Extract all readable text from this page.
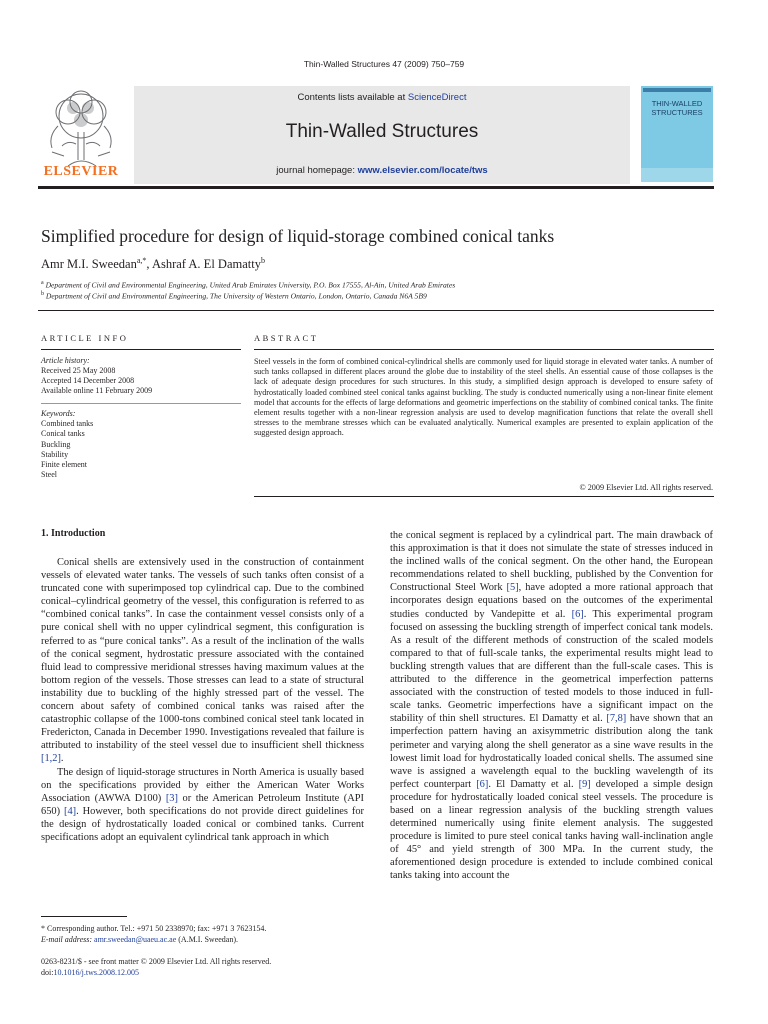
Thin-Walled Structures 47 (2009) 750–759
ELSEVIER
Contents lists available at ScienceDirect
Thin-Walled Structures
journal homepage: www.elsevier.com/locate/tws
THIN-WALLED STRUCTURES
Simplified procedure for design of liquid-storage combined conical tanks
Amr M.I. Sweedan$^{a,*}$, Ashraf A. El Damatty$^b$
$^a$ Department of Civil and Environmental Engineering, United Arab Emirates University, P.O. Box 17555, Al-Ain, United Arab Emirates
$^b$ Department of Civil and Environmental Engineering, The University of Western Ontario, London, Ontario, Canada N6A 5B9
ARTICLE INFO
Article history:
Received 25 May 2008
Accepted 14 December 2008
Available online 11 February 2009
Keywords:
Combined tanks
Conical tanks
Buckling
Stability
Finite element
Steel
ABSTRACT
Steel vessels in the form of combined conical-cylindrical shells are commonly used for liquid storage in elevated water tanks. A number of such tanks collapsed in different places around the globe due to instability of the steel shells. An essential cause of those collapses is the lack of adequate design procedures for such structures. In this study, a simplified design approach is developed to ensure safety of hydrostatically loaded combined steel conical tanks against buckling. The study is conducted numerically using a non-linear finite element model that accounts for the effects of large deformations and geometric imperfections on the stability of combined conical tanks. The finite element results together with a non-linear regression analysis are used to develop magnification functions that relate the overall shell stresses to the membrane stresses which can be evaluated analytically. Numerical examples are presented to explain application of the suggested design approach.
© 2009 Elsevier Ltd. All rights reserved.
1. Introduction

Conical shells are extensively used in the construction of containment vessels of elevated water tanks. The vessels of such tanks often consist of a truncated cone with superimposed top cylindrical cap. Due to the combined conical–cylindrical geometry of the vessel, this configuration is referred to as “combined conical tanks”. In case the containment vessel consists only of a pure conical shell with no upper cylindrical segment, this configuration is referred to as “pure conical tanks”. As a result of the inclination of the walls of the conical segment, hydrostatic pressure associated with the contained fluid lead to compressive meridional stresses having maximum values at the bottom region of the vessels. Those stresses can lead to a state of structural instability due to buckling of the highly stressed part of the vessel. The concern about safety of combined conical tanks was raised after the catastrophic collapse of the 1000-tons combined conical steel tank located in Fredericton, Canada in December 1990. Investigations revealed that failure is attributed to instability of the steel vessel due to insufficient shell thickness [1,2].

The design of liquid-storage structures in North America is usually based on the specifications provided by either the American Water Works Association (AWWA D100) [3] or the American Petroleum Institute (API 650) [4]. However, both specifications do not provide direct guidelines for the design of hydrostatically loaded conical or combined tanks. Current specifications adopt an equivalent cylindrical tank approach in which

the conical segment is replaced by a cylindrical part. The main drawback of this approximation is that it does not simulate the state of stresses induced in the inclined walls of the conical segment. On the other hand, the European recommendations related to shell buckling, published by the Convention for Constructional Steel Work [5], have adopted a more rational approach that incorporates design equations based on the outcomes of the experimental studies conducted by Vandepitte et al. [6]. This experimental program focused on assessing the buckling strength of imperfect conical tank models. As a result of the different methods of construction of the scaled models compared to that of full-scale tanks, the experimental results might lead to buckling strength values that are different than the full-scale cases. This is attributed to the difference in the geometrical imperfection patterns associated with the construction of tested models to those induced in full-scale tanks. Geometric imperfections have a significant impact on the stability of thin shell structures. El Damatty et al. [7,8] have shown that an imperfection pattern having an axisymmetric distribution along the tank perimeter and varying along the shell generator as a sine wave results in the lowest limit load for hydrostatically loaded conical shells. The assumed sine wave is assigned a wavelength equal to the buckling wavelength of its perfect counterpart [6]. El Damatty et al. [9] developed a simple design procedure for hydrostatically loaded conical steel vessels. The procedure is based on a linear regression analysis of the buckling strength values determined numerically using finite element analysis. The suggested procedure is limited to pure steel conical tanks having wall-inclination angle of 45° and yield strength of 300 MPa. In the current study, the aforementioned design procedure is extended to include combined conical tanks taking into account the

* Corresponding author. Tel.: +971 50 2338970; fax: +971 3 7623154.
E-mail address: amr.sweedan@uaeu.ac.ae (A.M.I. Sweedan).
0263-8231/$ - see front matter © 2009 Elsevier Ltd. All rights reserved.
doi:10.1016/j.tws.2008.12.005
